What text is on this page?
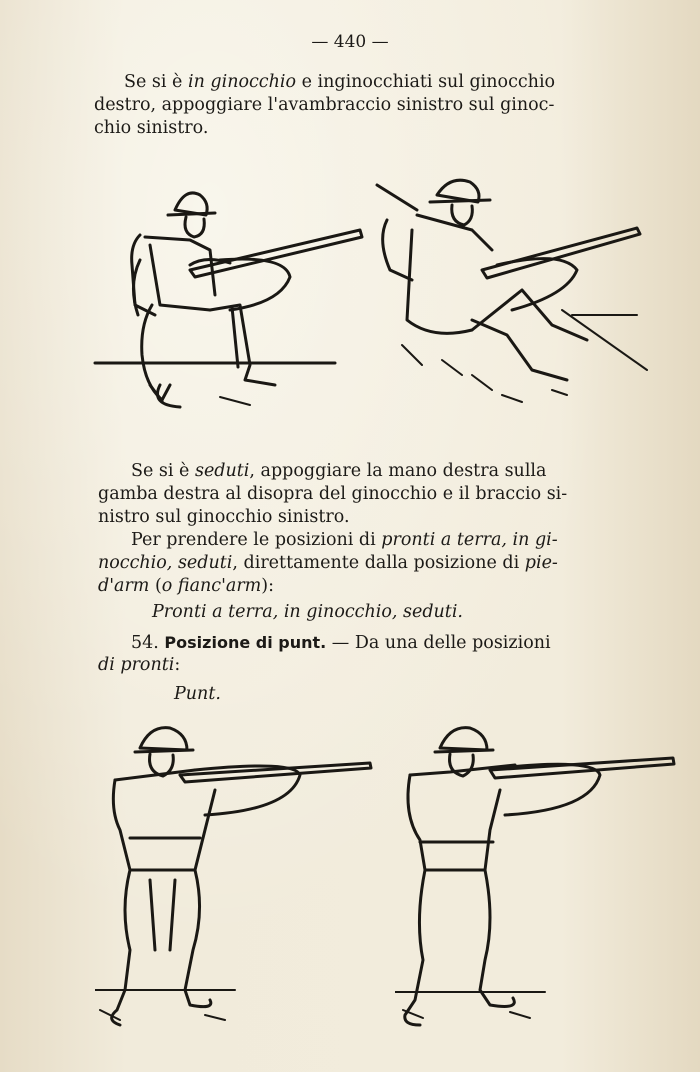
— 440 —
Se si è in ginocchio e inginocchiati sul ginocchio
destro, appoggiare l'avambraccio sinistro sul ginoc-
chio sinistro.
Se si è seduti, appoggiare la mano destra sulla
gamba destra al disopra del ginocchio e il braccio si-
nistro sul ginocchio sinistro.
Per prendere le posizioni di pronti a terra, in gi-
nocchio, seduti, direttamente dalla posizione di pie-
d'arm (o fianc'arm):
Pronti a terra, in ginocchio, seduti.
54. Posizione di punt. — Da una delle posizioni
di pronti:
Punt.
